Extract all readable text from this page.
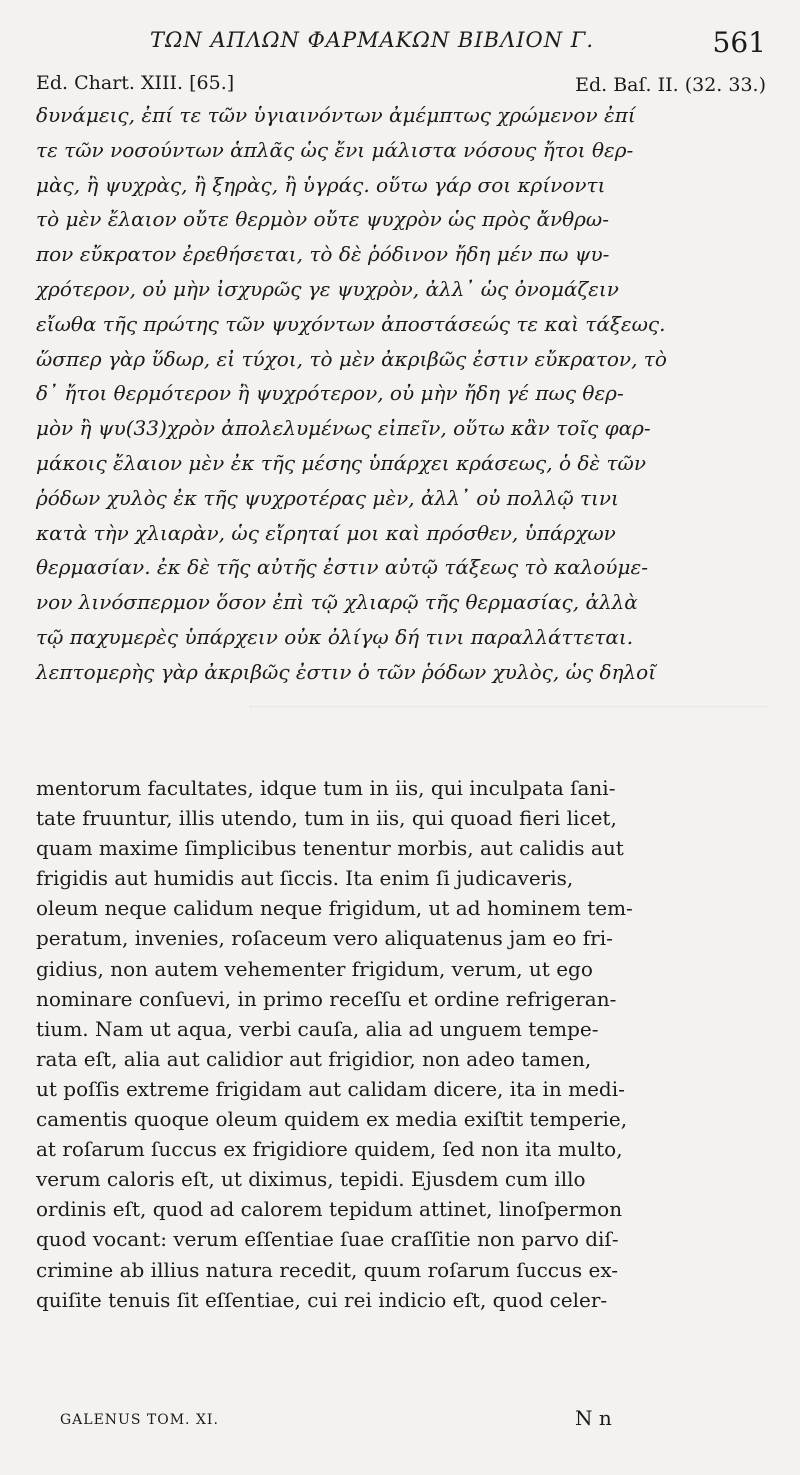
ΤΩΝ ΑΠΛΩΝ ΦΑΡΜΑΚΩΝ ΒΙΒΛΙΟΝ Γ.	561
Ed. Chart. XIII. [65.]	Ed. Baſ. II. (32. 33.)
δυνάμεις, ἐπί τε τῶν ὑγιαινόντων ἀμέμπτως χρώμενον ἐπί
τε τῶν νοσούντων ἁπλᾶς ὡς ἔνι μάλιστα νόσους ἤτοι θερ-
μὰς, ἢ ψυχρὰς, ἢ ξηρὰς, ἢ ὑγράς. οὕτω γάρ σοι κρίνοντι
τὸ μὲν ἔλαιον οὔτε θερμὸν οὔτε ψυχρὸν ὡς πρὸς ἄνθρω-
πον εὔκρατον ἐρεθήσεται, τὸ δὲ ῥόδινον ἤδη μέν πω ψυ-
χρότερον, οὐ μὴν ἰσχυρῶς γε ψυχρὸν, ἀλλ᾽ ὡς ὀνομάζειν
εἴωθα τῆς πρώτης τῶν ψυχόντων ἀποστάσεώς τε καὶ τάξεως.
ὥσπερ γὰρ ὕδωρ, εἰ τύχοι, τὸ μὲν ἀκριβῶς ἐστιν εὔκρατον, τὸ
δ᾽ ἤτοι θερμότερον ἢ ψυχρότερον, οὐ μὴν ἤδη γέ πως θερ-
μὸν ἢ ψυ(33)χρὸν ἀπολελυμένως εἰπεῖν, οὕτω κἂν τοῖς φαρ-
μάκοις ἔλαιον μὲν ἐκ τῆς μέσης ὑπάρχει κράσεως, ὁ δὲ τῶν
ῥόδων χυλὸς ἐκ τῆς ψυχροτέρας μὲν, ἀλλ᾽ οὐ πολλῷ τινι
κατὰ τὴν χλιαρὰν, ὡς εἴρηταί μοι καὶ πρόσθεν, ὑπάρχων
θερμασίαν. ἐκ δὲ τῆς αὐτῆς ἐστιν αὐτῷ τάξεως τὸ καλούμε-
νον λινόσπερμον ὅσον ἐπὶ τῷ χλιαρῷ τῆς θερμασίας, ἀλλὰ
τῷ παχυμερὲς ὑπάρχειν οὐκ ὀλίγῳ δή τινι παραλλάττεται.
λεπτομερὴς γὰρ ἀκριβῶς ἐστιν ὁ τῶν ῥόδων χυλὸς, ὡς δηλοῖ
mentorum facultates, idque tum in iis, qui inculpata ſani-
tate fruuntur, illis utendo, tum in iis, qui quoad fieri licet,
quam maxime ſimplicibus tenentur morbis, aut calidis aut
frigidis aut humidis aut ſiccis. Ita enim ſi judicaveris,
oleum neque calidum neque frigidum, ut ad hominem tem-
peratum, invenies, roſaceum vero aliquatenus jam eo fri-
gidius, non autem vehementer frigidum, verum, ut ego
nominare conſuevi, in primo receſſu et ordine refrigeran-
tium. Nam ut aqua, verbi cauſa, alia ad unguem tempe-
rata eſt, alia aut calidior aut frigidior, non adeo tamen,
ut poſſis extreme frigidam aut calidam dicere, ita in medi-
camentis quoque oleum quidem ex media exiſtit temperie,
at roſarum ſuccus ex frigidiore quidem, ſed non ita multo,
verum caloris eſt, ut diximus, tepidi. Ejusdem cum illo
ordinis eſt, quod ad calorem tepidum attinet, linoſpermon
quod vocant: verum eſſentiae ſuae craſſitie non parvo diſ-
crimine ab illius natura recedit, quum roſarum ſuccus ex-
quiſite tenuis ſit eſſentiae, cui rei indicio eſt, quod celer-
GALENUS TOM. XI.	N n
